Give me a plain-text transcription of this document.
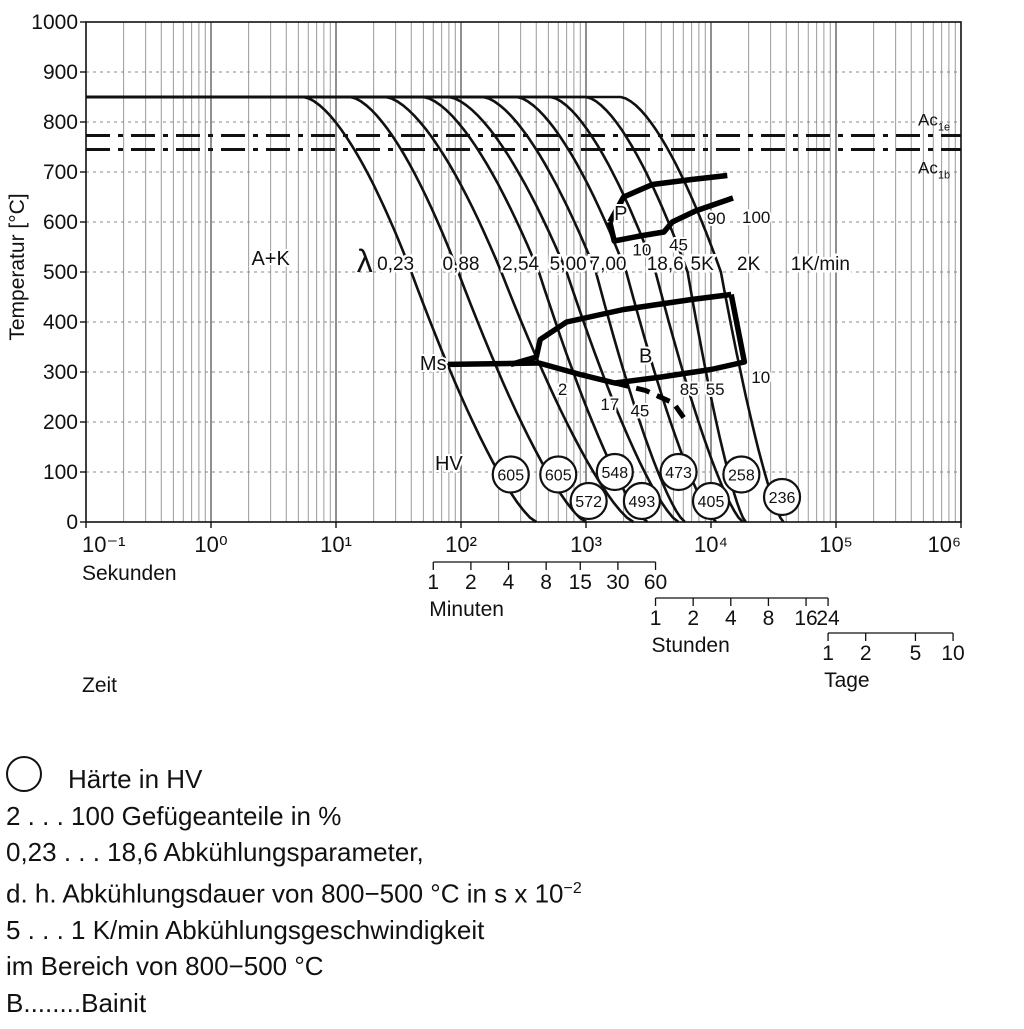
0
100
200
300
400
500
600
700
800
900
1000
Temperatur [°C]
10⁻¹	10⁰	10¹	10²	10³	10⁴	10⁵	10⁶
Sekunden	1 2 4 8 15 30 60
Minuten	1 2 4 8 16
24
Stunden	1 2 5 10
Tage
Zeit
$Ac_{1e}$
$Ac_{1b}$
λ 0,23 0,88 2,54 5,00 7,00 18,6 5K 2K 1K/min
A+K
P
B
Ms
HV
10 45
90 100
2
17 45
85 55
10
605 605
572
548
493
473
405
258
236
Härte in HV
2 . . . 100 Gefügeanteile in %
0,23 . . . 18,6 Abkühlungsparameter,
d. h. Abkühlungsdauer von 800−500 °C in s x $10^{-2}$
5 . . . 1 K/min Abkühlungsgeschwindigkeit
im Bereich von 800−500 °C
B........Bainit
